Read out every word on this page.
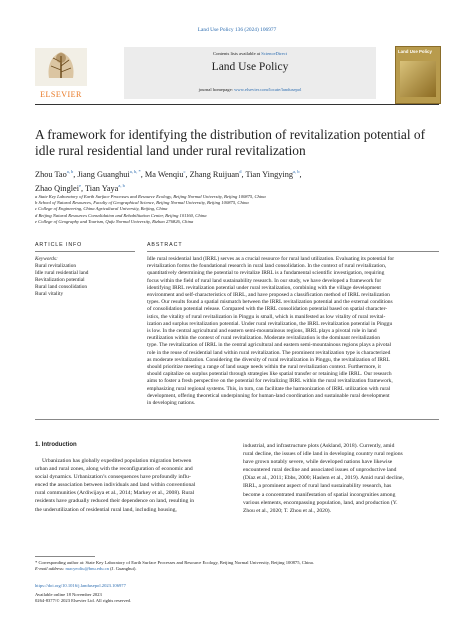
Land Use Policy 136 (2024) 106977
ELSEVIER
Contents lists available at ScienceDirect
Land Use Policy
journal homepage: www.elsevier.com/locate/landusepol
Land Use Policy
A framework for identifying the distribution of revitalization potential of
idle rural residential land under rural revitalization
Zhou Tao$^{a, b}$, Jiang Guanghui$^{a, b, *}$, Ma Wenqiu$^c$, Zhang Ruijuan$^d$, Tian Yingying$^{a, b}$,
Zhao Qinglei$^e$, Tian Yaya$^{a, b}$
a State Key Laboratory of Earth Surface Processes and Resource Ecology, Beijing Normal University, Beijing 100875, China
b School of Natural Resources, Faculty of Geographical Science, Beijing Normal University, Beijing 100875, China
c College of Engineering, China Agricultural University, Beijing, China
d Beijing Natural Resources Consolidation and Rehabilitation Center, Beijing 101160, China
e College of Geography and Tourism, Qufu Normal University, Rizhao 276826, China
ARTICLE INFO	ABSTRACT
Keywords:
Rural revitalization
Idle rural residential land
Revitalization potential
Rural land consolidation
Rural vitality
Idle rural residential land (IRRL) serves as a crucial resource for rural land utilization. Evaluating its potential for
revitalization forms the foundational research in rural land consolidation. In the context of rural revitalization,
quantitatively determining the potential to revitalize IRRL is a fundamental scientific investigation, requiring
focus within the field of rural land sustainability research. In our study, we have developed a framework for
identifying IRRL revitalization potential under rural revitalization, combining with the village development
environment and self-characteristics of IRRL, and have proposed a classification method of IRRL revitalization
types. Our results found a spatial mismatch between the IRRL revitalization potential and the external conditions
of consolidation potential release. Compared with the IRRL consolidation potential based on spatial character-
istics, the vitality of rural revitalization in Pinggu is small, which is manifested as low vitality of rural revital-
ization and surplus revitalization potential. Under rural revitalization, the IRRL revitalization potential in Pinggu
is low. In the central agricultural and eastern semi-mountainous regions, IRRL plays a pivotal role in land
reutilization within the context of rural revitalization. Moderate revitalization is the dominant revitalization
type. The revitalization of IRRL in the central agricultural and eastern semi-mountainous regions plays a pivotal
role in the reuse of residential land within rural revitalization. The prominent revitalization type is characterized
as moderate revitalization. Considering the diversity of rural revitalization in Pinggu, the revitalization of IRRL
should prioritize meeting a range of land usage needs within the rural revitalization context. Furthermore, it
should capitalize on surplus potential through strategies like spatial transfer or retaining idle IRRL. Our research
aims to foster a fresh perspective on the potential for revitalizing IRRL within the rural revitalization framework,
emphasizing rural regional systems. This, in turn, can facilitate the harmonization of IRRL utilization with rural
development, offering theoretical underpinning for human-land coordination and sustainable rural development
in developing nations.
1. Introduction
Urbanization has globally expedited population migration between
urban and rural zones, along with the reconfiguration of economic and
social dynamics. Urbanization’s consequences have profoundly influ-
enced the association between individuals and land within conventional
rural communities (Ardiwijaya et al., 2014; Markey et al., 2008). Rural
residents have gradually reduced their dependence on land, resulting in
the underutilization of residential rural land, including housing,
industrial, and infrastructure plots (Askland, 2018). Currently, amid
rural decline, the issues of idle land in developing country rural regions
have grown notably severe, while developed nations have likewise
encountered rural decline and associated issues of unproductive land
(Díaz et al., 2011; Ebbs, 2000; Haslem et al., 2019). Amid rural decline,
IRRL, a prominent aspect of rural land sustainability research, has
become a concentrated manifestation of spatial incongruities among
various elements, encompassing population, land, and production (Y.
Zhou et al., 2020; T. Zhou et al., 2020).
* Corresponding author at: State Key Laboratory of Earth Surface Processes and Resource Ecology, Beijing Normal University, Beijing 100875, China.
E-mail address: macyeoliu@bnu.edu.cn (J. Guanghui).
https://doi.org/10.1016/j.landusepol.2023.106977
Available online 18 November 2023
0264-8377/© 2023 Elsevier Ltd. All rights reserved.
